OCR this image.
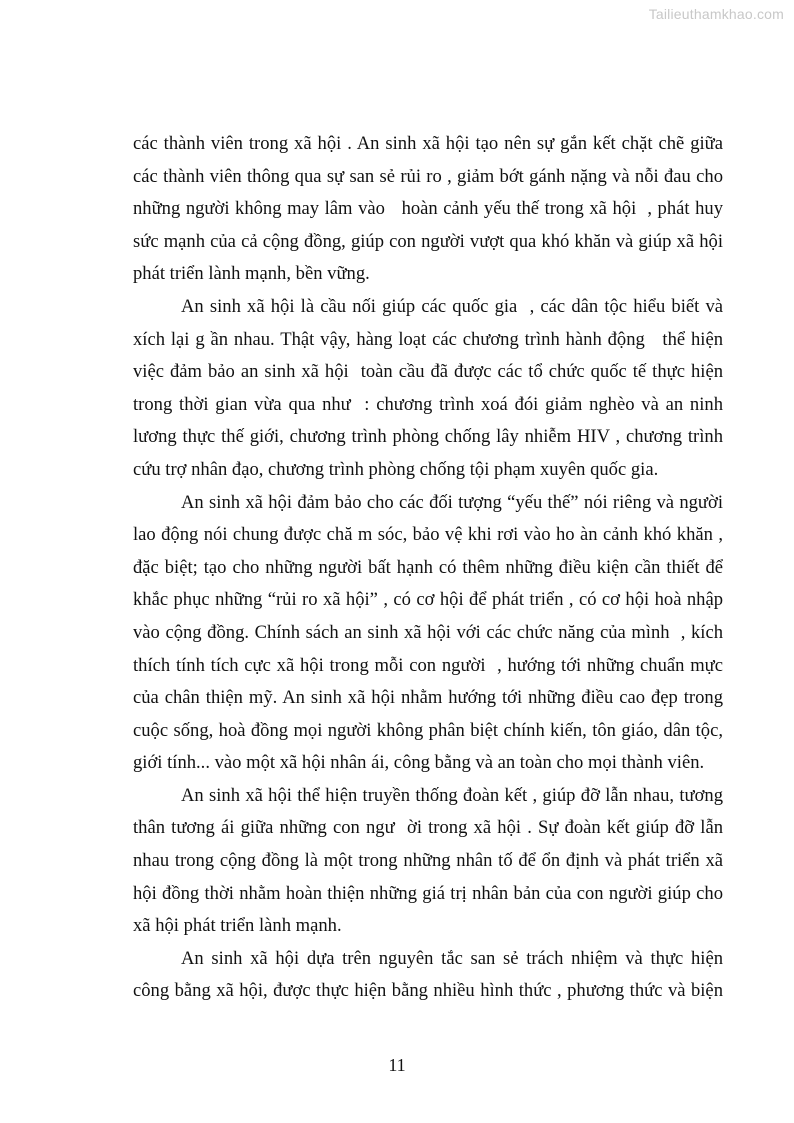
Tailieuthamkhao.com
các thành viên trong xã hội . An sinh xã hội tạo nên sự gắn kết chặt chẽ giữa
các thành viên thông qua sự san sẻ rủi ro , giảm bớt gánh nặng và nỗi đau cho
những người không may lâm vào   hoàn cảnh yếu thế trong xã hội  , phát huy
sức mạnh của cả cộng đồng, giúp con người vượt qua khó khăn và giúp xã hội
phát triển lành mạnh, bền vững.
An sinh xã hội là cầu nối giúp các quốc gia  , các dân tộc hiểu biết và
xích lại g ần nhau. Thật vậy, hàng loạt các chương trình hành động   thể hiện
việc đảm bảo an sinh xã hội  toàn cầu đã được các tổ chức quốc tế thực hiện
trong thời gian vừa qua như  : chương trình xoá đói giảm nghèo và an ninh
lương thực thế giới, chương trình phòng chống lây nhiễm HIV , chương trình
cứu trợ nhân đạo, chương trình phòng chống tội phạm xuyên quốc gia.
An sinh xã hội đảm bảo cho các đối tượng “yếu thế” nói riêng và người
lao động nói chung được chă m sóc, bảo vệ khi rơi vào ho àn cảnh khó khăn ,
đặc biệt; tạo cho những người bất hạnh có thêm những điều kiện cần thiết để
khắc phục những “rủi ro xã hội” , có cơ hội để phát triển , có cơ hội hoà nhập
vào cộng đồng. Chính sách an sinh xã hội với các chức năng của mình  , kích
thích tính tích cực xã hội trong mỗi con người  , hướng tới những chuẩn mực
của chân thiện mỹ. An sinh xã hội nhằm hướng tới những điều cao đẹp trong
cuộc sống, hoà đồng mọi người không phân biệt chính kiến, tôn giáo, dân tộc,
giới tính... vào một xã hội nhân ái, công bằng và an toàn cho mọi thành viên.
An sinh xã hội thể hiện truyền thống đoàn kết , giúp đỡ lẫn nhau, tương
thân tương ái giữa những con ngư  ời trong xã hội . Sự đoàn kết giúp đỡ lẫn
nhau trong cộng đồng là một trong những nhân tố để ổn định và phát triển xã
hội đồng thời nhằm hoàn thiện những giá trị nhân bản của con người giúp cho
xã hội phát triển lành mạnh.
An sinh xã hội dựa trên nguyên tắc san sẻ trách nhiệm và thực hiện
công bằng xã hội, được thực hiện bằng nhiều hình thức , phương thức và biện
11
